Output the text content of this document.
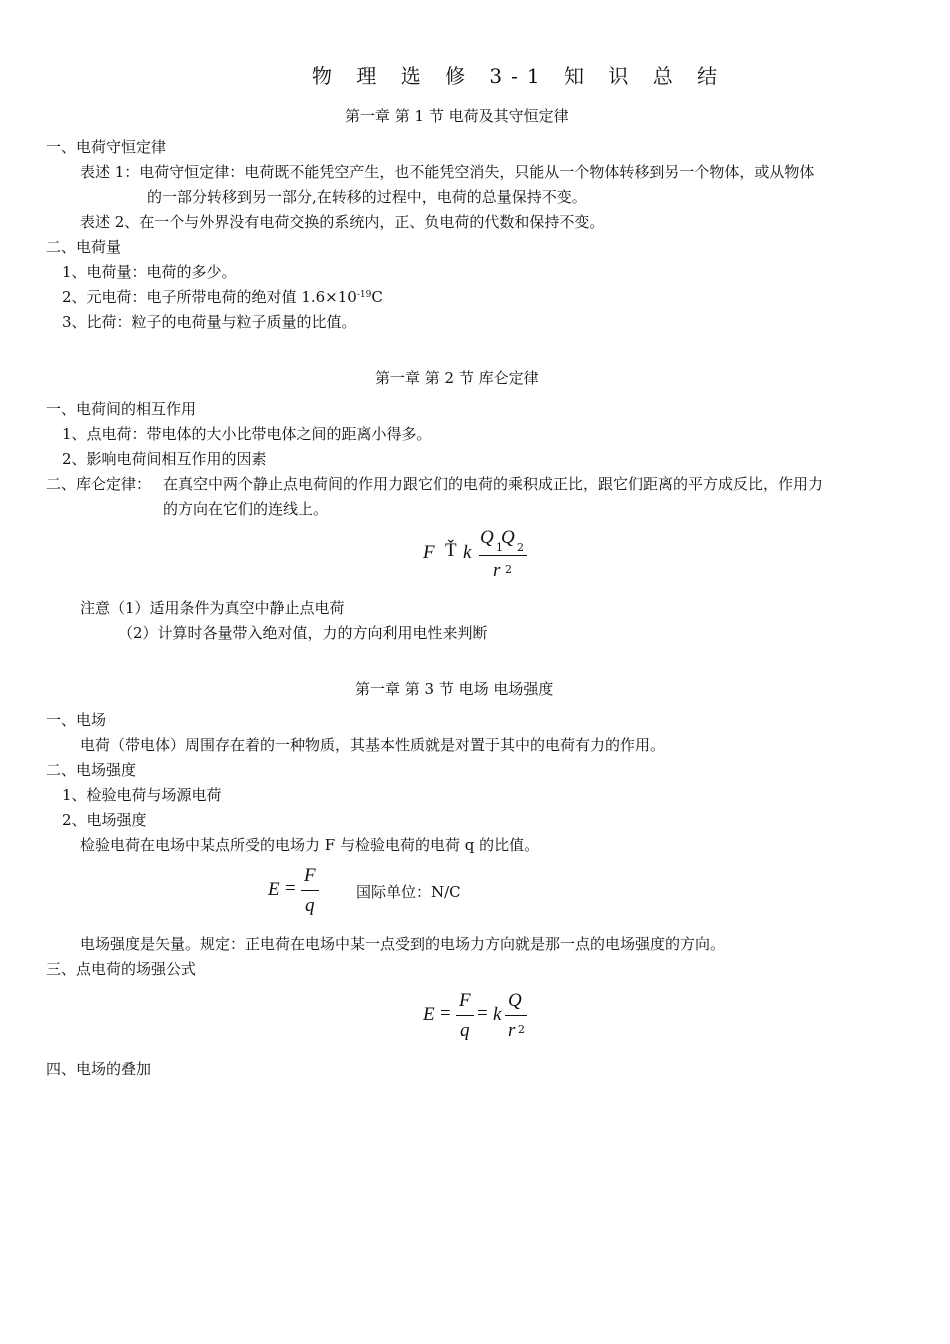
物 理 选 修 3-1 知 识 总 结
第一章 第 1 节 电荷及其守恒定律
一、电荷守恒定律
表述 1：电荷守恒定律：电荷既不能凭空产生，也不能凭空消失，只能从一个物体转移到另一个物体，或从物体
的一部分转移到另一部分,在转移的过程中，电荷的总量保持不变。
表述 2、在一个与外界没有电荷交换的系统内，正、负电荷的代数和保持不变。
二、电荷量
1、电荷量：电荷的多少。
2、元电荷：电子所带电荷的绝对值 $1.6\times 10^{-19}C$
3、比荷：粒子的电荷量与粒子质量的比值。
第一章 第 2 节 库仑定律
一、电荷间的相互作用
1、点电荷：带电体的大小比带电体之间的距离小得多。
2、影响电荷间相互作用的因素
二、库仑定律： 在真空中两个静止点电荷间的作用力跟它们的电荷的乘积成正比，跟它们距离的平方成反比，作用力
的方向在它们的连线上。
F Ť k
Q 1
Q 2
r 2
注意（1）适用条件为真空中静止点电荷
（2）计算时各量带入绝对值，力的方向利用电性来判断
第一章 第 3 节 电场 电场强度
一、电场
电荷（带电体）周围存在着的一种物质，其基本性质就是对置于其中的电荷有力的作用。
二、电场强度
1、检验电荷与场源电荷
2、电场强度
检验电荷在电场中某点所受的电场力 F 与检验电荷的电荷 q 的比值。
E =
F
q
国际单位：N/C
电场强度是矢量。规定：正电荷在电场中某一点受到的电场力方向就是那一点的电场强度的方向。
三、点电荷的场强公式
E =
F
q
= k
Q
r 2
四、电场的叠加
